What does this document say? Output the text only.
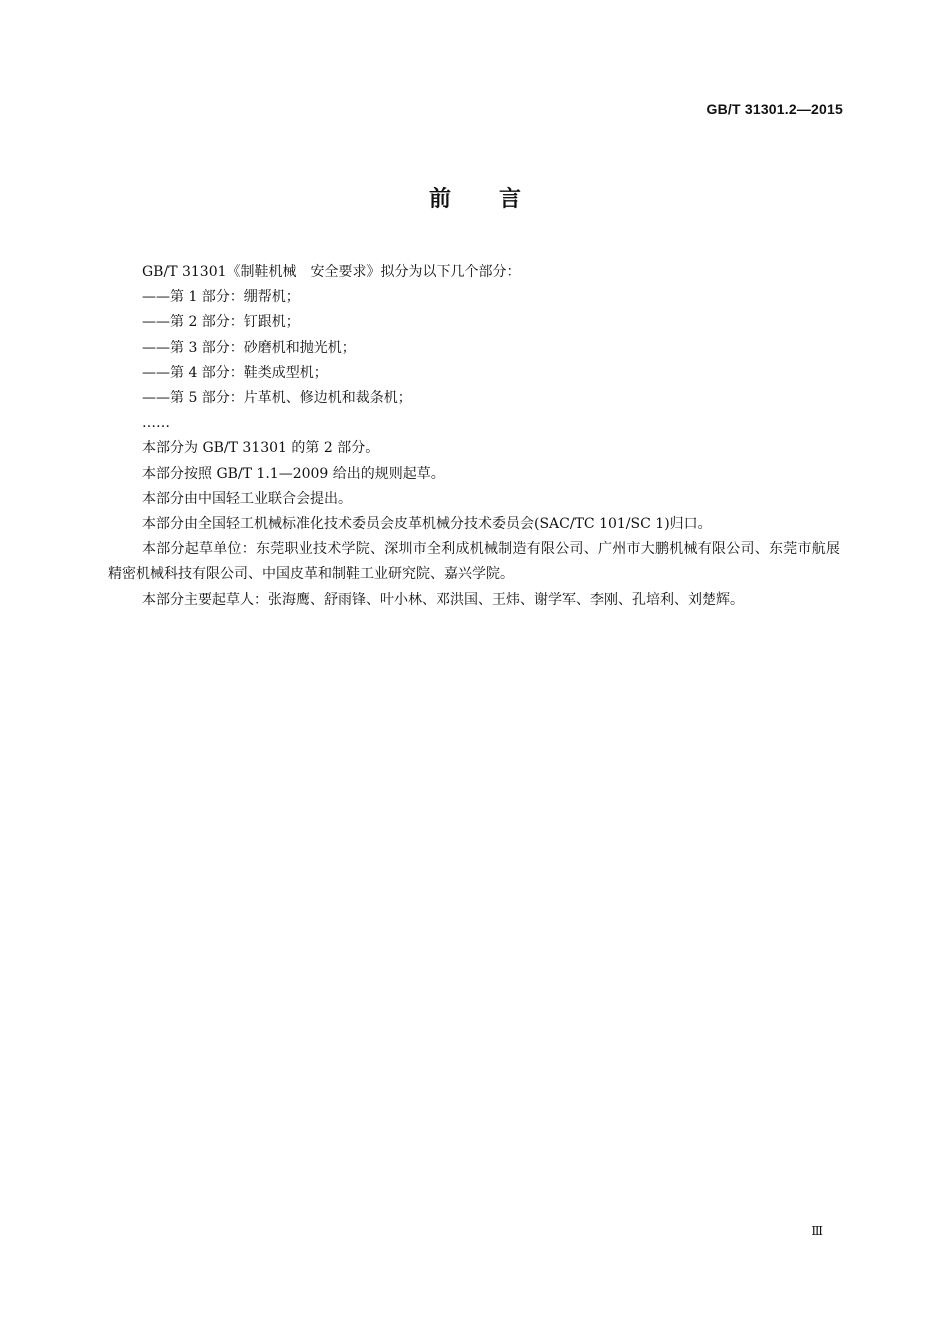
GB/T 31301.2—2015
前言

GB/T 31301《制鞋机械　安全要求》拟分为以下几个部分：

——第 1 部分：绷帮机；

——第 2 部分：钉跟机；

——第 3 部分：砂磨机和抛光机；

——第 4 部分：鞋类成型机；

——第 5 部分：片革机、修边机和裁条机；

……

本部分为 GB/T 31301 的第 2 部分。

本部分按照 GB/T 1.1—2009 给出的规则起草。

本部分由中国轻工业联合会提出。

本部分由全国轻工机械标准化技术委员会皮革机械分技术委员会(SAC/TC 101/SC 1)归口。

本部分起草单位：东莞职业技术学院、深圳市全利成机械制造有限公司、广州市大鹏机械有限公司、东莞市航展精密机械科技有限公司、中国皮革和制鞋工业研究院、嘉兴学院。

本部分主要起草人：张海鹰、舒雨锋、叶小林、邓洪国、王炜、谢学军、李刚、孔培利、刘楚辉。

Ⅲ
